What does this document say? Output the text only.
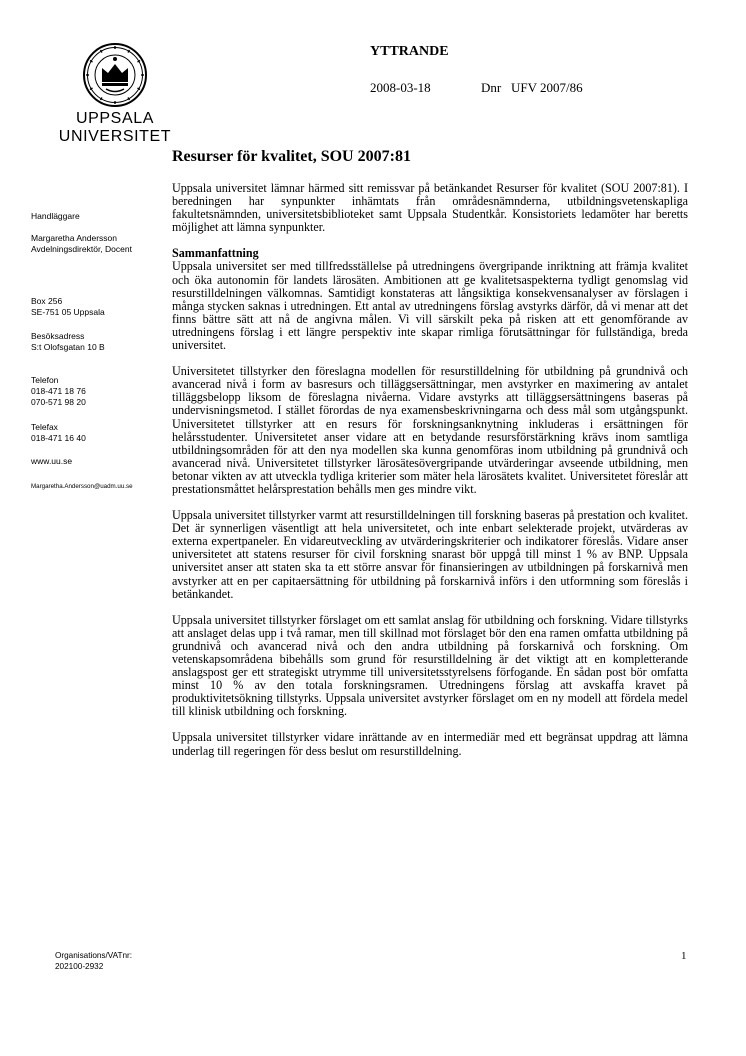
UPPSALA
UNIVERSITET
YTTRANDE
2008-03-18	Dnr   UFV 2007/86
Resurser för kvalitet, SOU 2007:81
Handläggare
Margaretha Andersson
Avdelningsdirektör, Docent
Box 256
SE-751 05 Uppsala
Besöksadress
S:t Olofsgatan 10 B
Telefon
018-471 18 76
070-571 98 20
Telefax
018-471 16 40
www.uu.se
Margaretha.Andersson@uadm.uu.se

Uppsala universitet lämnar härmed sitt remissvar på betänkandet Resurser för kvalitet (SOU 2007:81). I beredningen har synpunkter inhämtats från områdesnämnderna, utbildningsvetenskapliga fakultetsnämnden, universitetsbiblioteket samt Uppsala Studentkår. Konsistoriets ledamöter har beretts möjlighet att lämna synpunkter.

Sammanfattning
Uppsala universitet ser med tillfredsställelse på utredningens övergripande inriktning att främja kvalitet och öka autonomin för landets lärosäten. Ambitionen att ge kvalitetsaspekterna tydligt genomslag vid resurstilldelningen välkomnas. Samtidigt konstateras att långsiktiga konsekvensanalyser av förslagen i många stycken saknas i utredningen. Ett antal av utredningens förslag avstyrks därför, då vi menar att det finns bättre sätt att nå de angivna målen. Vi vill särskilt peka på risken att ett genomförande av utredningens förslag i ett längre perspektiv inte skapar rimliga förutsättningar för fullständiga, breda universitet.

Universitetet tillstyrker den föreslagna modellen för resurstilldelning för utbildning på grundnivå och avancerad nivå i form av basresurs och tilläggsersättningar, men avstyrker en maximering av antalet tilläggsbelopp liksom de föreslagna nivåerna. Vidare avstyrks att tilläggsersättningens baseras på undervisningsmetod. I stället förordas de nya examensbeskrivningarna och dess mål som utgångspunkt. Universitetet tillstyrker att en resurs för forskningsanknytning inkluderas i ersättningen för helårsstudenter. Universitetet anser vidare att en betydande resursförstärkning krävs inom samtliga utbildningsområden för att den nya modellen ska kunna genomföras inom utbildning på grundnivå och avancerad nivå. Universitetet tillstyrker lärosätesövergripande utvärderingar avseende utbildning, men betonar vikten av att utveckla tydliga kriterier som mäter hela lärosätets kvalitet. Universitetet föreslår att prestationsmåttet helårsprestation behålls men ges mindre vikt.

Uppsala universitet tillstyrker varmt att resurstilldelningen till forskning baseras på prestation och kvalitet. Det är synnerligen väsentligt att hela universitetet, och inte enbart selekterade projekt, utvärderas av externa expertpaneler. En vidareutveckling av utvärderingskriterier och indikatorer föreslås. Vidare anser universitetet att statens resurser för civil forskning snarast bör uppgå till minst 1 % av BNP. Uppsala universitet anser att staten ska ta ett större ansvar för finansieringen av utbildningen på forskarnivå men avstyrker att en per capitaersättning för utbildning på forskarnivå införs i den utformning som föreslås i betänkandet.

Uppsala universitet tillstyrker förslaget om ett samlat anslag för utbildning och forskning. Vidare tillstyrks att anslaget delas upp i två ramar, men till skillnad mot förslaget bör den ena ramen omfatta utbildning på grundnivå och avancerad nivå och den andra utbildning på forskarnivå och forskning. Om vetenskapsområdena bibehålls som grund för resurstilldelning är det viktigt att en kompletterande anslagspost ger ett strategiskt utrymme till universitetsstyrelsens förfogande. En sådan post bör omfatta minst 10 % av den totala forskningsramen. Utredningens förslag att avskaffa kravet på produktivitetsökning tillstyrks. Uppsala universitet avstyrker förslaget om en ny modell att fördela medel till klinisk utbildning och forskning.

Uppsala universitet tillstyrker vidare inrättande av en intermediär med ett begränsat uppdrag att lämna underlag till regeringen för dess beslut om resurstilldelning.

Organisations/VATnr:
202100-2932
1
